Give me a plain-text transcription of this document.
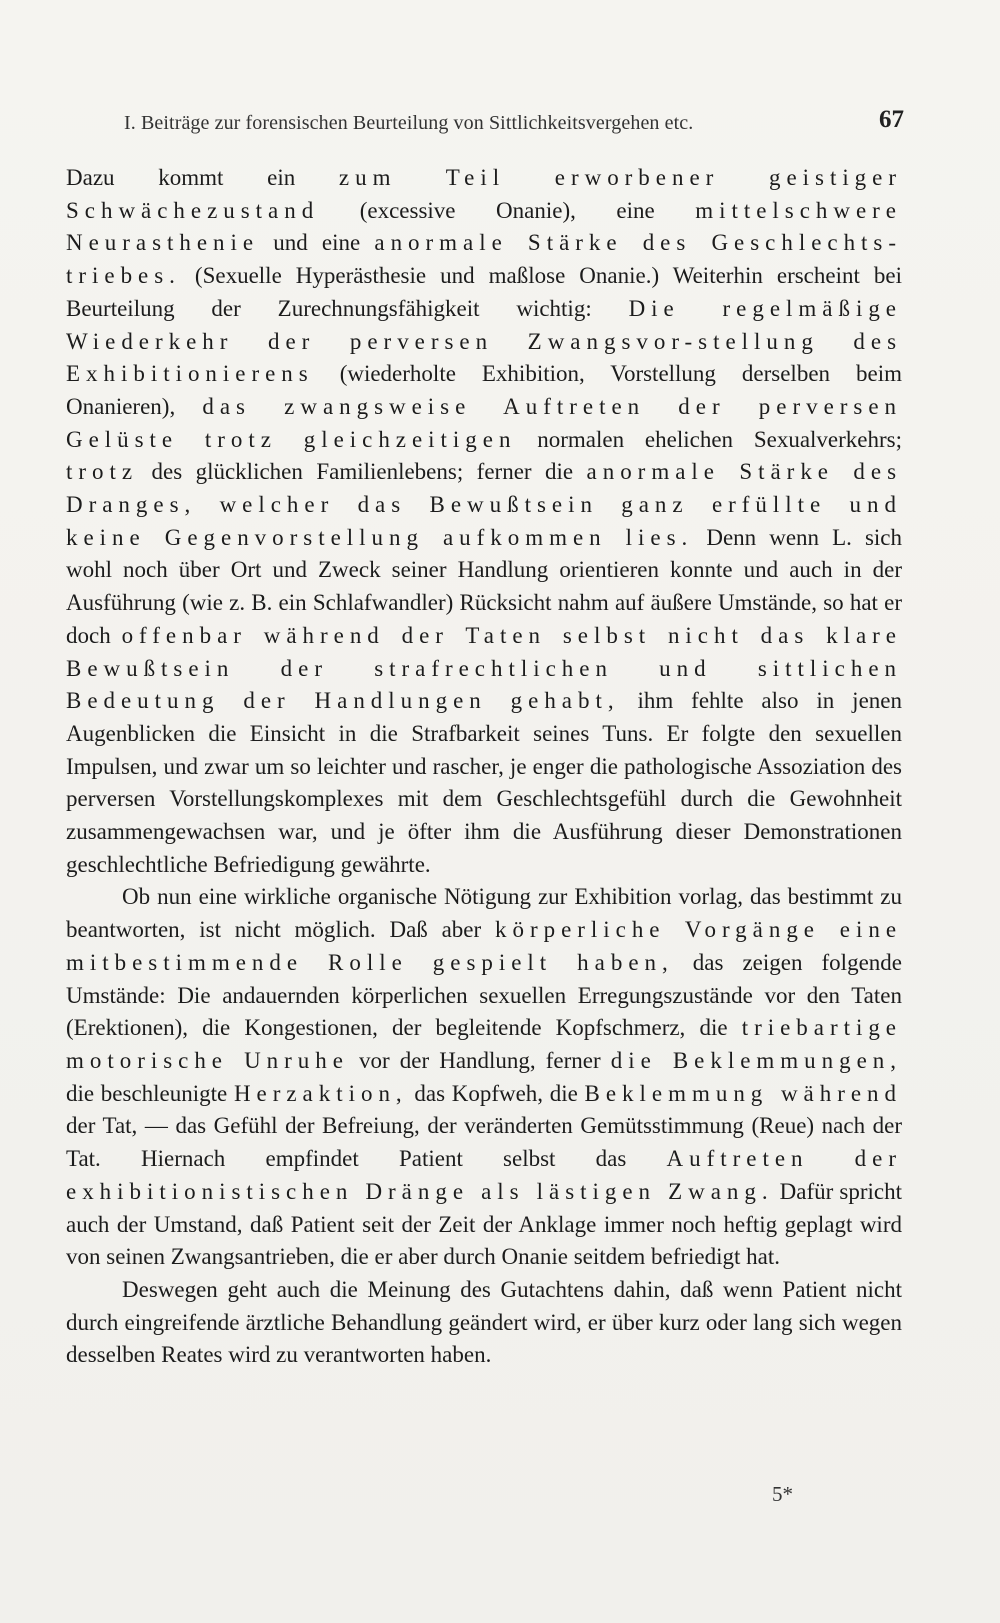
I. Beiträge zur forensischen Beurteilung von Sittlichkeitsvergehen etc.	67

Dazu kommt ein zum Teil erworbener geistiger Schwächezustand (excessive Onanie), eine mittelschwere Neurasthenie und eine anormale Stärke des Geschlechts-triebes. (Sexuelle Hyperästhesie und maßlose Onanie.) Weiterhin erscheint bei Beurteilung der Zurechnungsfähigkeit wichtig: Die regelmäßige Wiederkehr der perversen Zwangsvor-stellung des Exhibitionierens (wiederholte Exhibition, Vorstellung derselben beim Onanieren), das zwangsweise Auftreten der perversen Gelüste trotz gleichzeitigen normalen ehelichen Sexualverkehrs; trotz des glücklichen Familienlebens; ferner die anormale Stärke des Dranges, welcher das Bewußtsein ganz erfüllte und keine Gegenvorstellung aufkommen lies. Denn wenn L. sich wohl noch über Ort und Zweck seiner Handlung orientieren konnte und auch in der Ausführung (wie z. B. ein Schlafwandler) Rücksicht nahm auf äußere Umstände, so hat er doch offenbar während der Taten selbst nicht das klare Bewußtsein der strafrechtlichen und sittlichen Bedeutung der Handlungen gehabt, ihm fehlte also in jenen Augenblicken die Einsicht in die Strafbarkeit seines Tuns. Er folgte den sexuellen Impulsen, und zwar um so leichter und rascher, je enger die pathologische Assoziation des perversen Vorstellungskomplexes mit dem Geschlechtsgefühl durch die Gewohnheit zusammengewachsen war, und je öfter ihm die Ausführung dieser Demonstrationen geschlechtliche Befriedigung gewährte.

Ob nun eine wirkliche organische Nötigung zur Exhibition vorlag, das bestimmt zu beantworten, ist nicht möglich. Daß aber körperliche Vorgänge eine mitbestimmende Rolle gespielt haben, das zeigen folgende Umstände: Die andauernden körperlichen sexuellen Erregungszustände vor den Taten (Erektionen), die Kongestionen, der begleitende Kopfschmerz, die triebartige motorische Unruhe vor der Handlung, ferner die Beklemmungen, die beschleunigte Herzaktion, das Kopfweh, die Beklemmung während der Tat, — das Gefühl der Befreiung, der veränderten Gemütsstimmung (Reue) nach der Tat. Hiernach empfindet Patient selbst das Auftreten der exhibitionistischen Dränge als lästigen Zwang. Dafür spricht auch der Umstand, daß Patient seit der Zeit der Anklage immer noch heftig geplagt wird von seinen Zwangsantrieben, die er aber durch Onanie seitdem befriedigt hat.

Deswegen geht auch die Meinung des Gutachtens dahin, daß wenn Patient nicht durch eingreifende ärztliche Behandlung geändert wird, er über kurz oder lang sich wegen desselben Reates wird zu verantworten haben.

5*
